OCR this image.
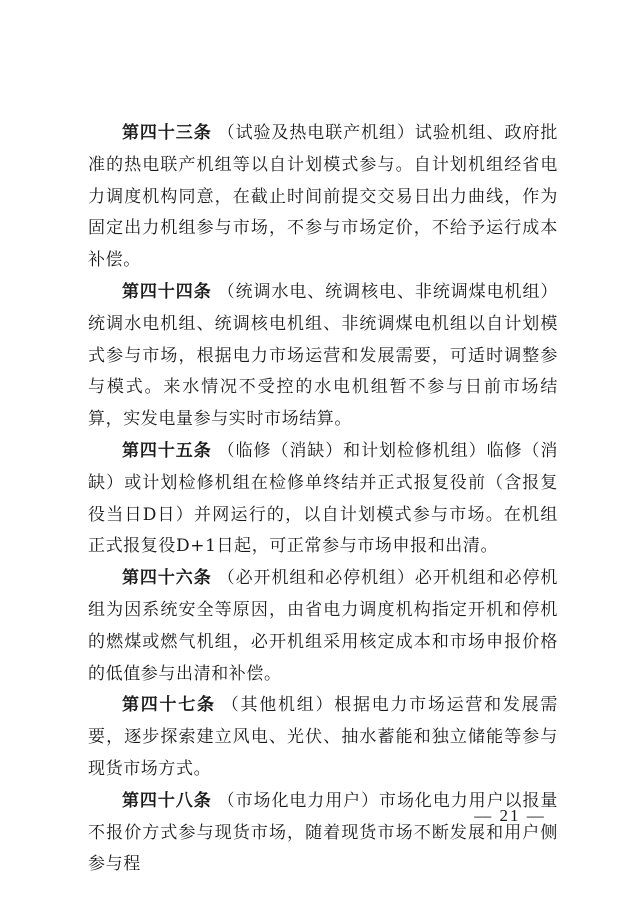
第四十三条 （试验及热电联产机组）试验机组、政府批准的热电联产机组等以自计划模式参与。自计划机组经省电力调度机构同意，在截止时间前提交交易日出力曲线，作为固定出力机组参与市场，不参与市场定价，不给予运行成本补偿。

第四十四条 （统调水电、统调核电、非统调煤电机组）统调水电机组、统调核电机组、非统调煤电机组以自计划模式参与市场，根据电力市场运营和发展需要，可适时调整参与模式。来水情况不受控的水电机组暂不参与日前市场结算，实发电量参与实时市场结算。

第四十五条 （临修（消缺）和计划检修机组）临修（消缺）或计划检修机组在检修单终结并正式报复役前（含报复役当日D日）并网运行的，以自计划模式参与市场。在机组正式报复役D+1日起，可正常参与市场申报和出清。

第四十六条 （必开机组和必停机组）必开机组和必停机组为因系统安全等原因，由省电力调度机构指定开机和停机的燃煤或燃气机组，必开机组采用核定成本和市场申报价格的低值参与出清和补偿。

第四十七条 （其他机组）根据电力市场运营和发展需要，逐步探索建立风电、光伏、抽水蓄能和独立储能等参与现货市场方式。

第四十八条 （市场化电力用户）市场化电力用户以报量不报价方式参与现货市场，随着现货市场不断发展和用户侧参与程

— 21 —
